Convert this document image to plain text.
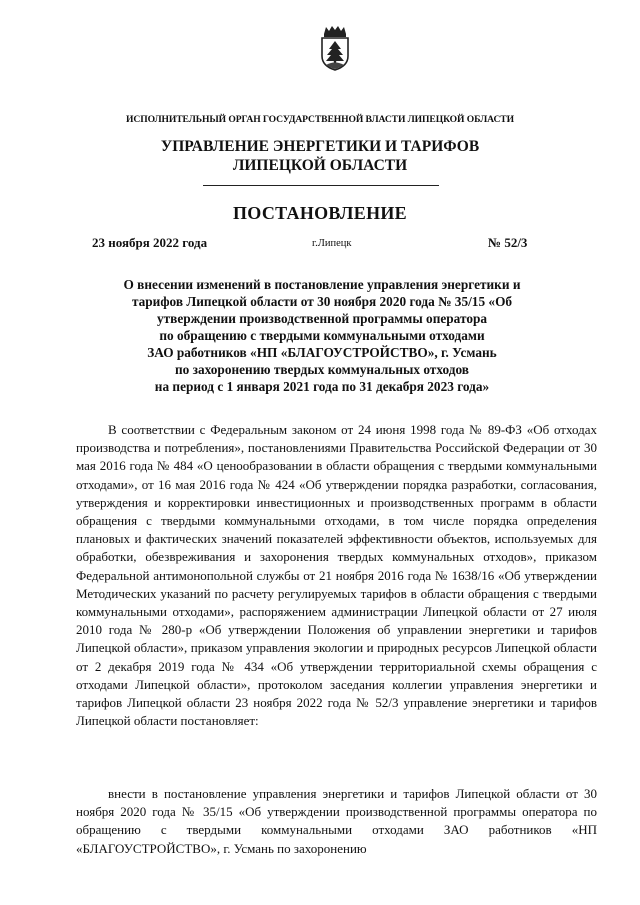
ИСПОЛНИТЕЛЬНЫЙ ОРГАН ГОСУДАРСТВЕННОЙ ВЛАСТИ ЛИПЕЦКОЙ ОБЛАСТИ
УПРАВЛЕНИЕ ЭНЕРГЕТИКИ И ТАРИФОВ
ЛИПЕЦКОЙ ОБЛАСТИ
ПОСТАНОВЛЕНИЕ
23 ноября 2022 года	г.Липецк	№ 52/3
О внесении изменений в постановление управления энергетики и
тарифов Липецкой области от 30 ноября 2020 года № 35/15 «Об
утверждении производственной программы оператора
по обращению с твердыми коммунальными отходами
ЗАО работников «НП «БЛАГОУСТРОЙСТВО», г. Усмань
по захоронению твердых коммунальных отходов
на период с 1 января 2021 года по 31 декабря 2023 года»

В соответствии с Федеральным законом от 24 июня 1998 года № 89-ФЗ «Об отходах производства и потребления», постановлениями Правительства Российской Федерации от 30 мая 2016 года № 484 «О ценообразовании в области обращения с твердыми коммунальными отходами», от 16 мая 2016 года № 424 «Об утверждении порядка разработки, согласования, утверждения и корректировки инвестиционных и производственных программ в области обращения с твердыми коммунальными отходами, в том числе порядка определения плановых и фактических значений показателей эффективности объектов, используемых для обработки, обезвреживания и захоронения твердых коммунальных отходов», приказом Федеральной антимонопольной службы от 21 ноября 2016 года № 1638/16 «Об утверждении Методических указаний по расчету регулируемых тарифов в области обращения с твердыми коммунальными отходами», распоряжением администрации Липецкой области от 27 июля 2010 года № 280-р «Об утверждении Положения об управлении энергетики и тарифов Липецкой области», приказом управления экологии и природных ресурсов Липецкой области от 2 декабря 2019 года № 434 «Об утверждении территориальной схемы обращения с отходами Липецкой области», протоколом заседания коллегии управления энергетики и тарифов Липецкой области 23 ноября 2022 года № 52/3 управление энергетики и тарифов Липецкой области постановляет:

внести в постановление управления энергетики и тарифов Липецкой области от 30 ноября 2020 года № 35/15 «Об утверждении производственной программы оператора по обращению с твердыми коммунальными отходами ЗАО работников «НП «БЛАГОУСТРОЙСТВО», г. Усмань по захоронению
